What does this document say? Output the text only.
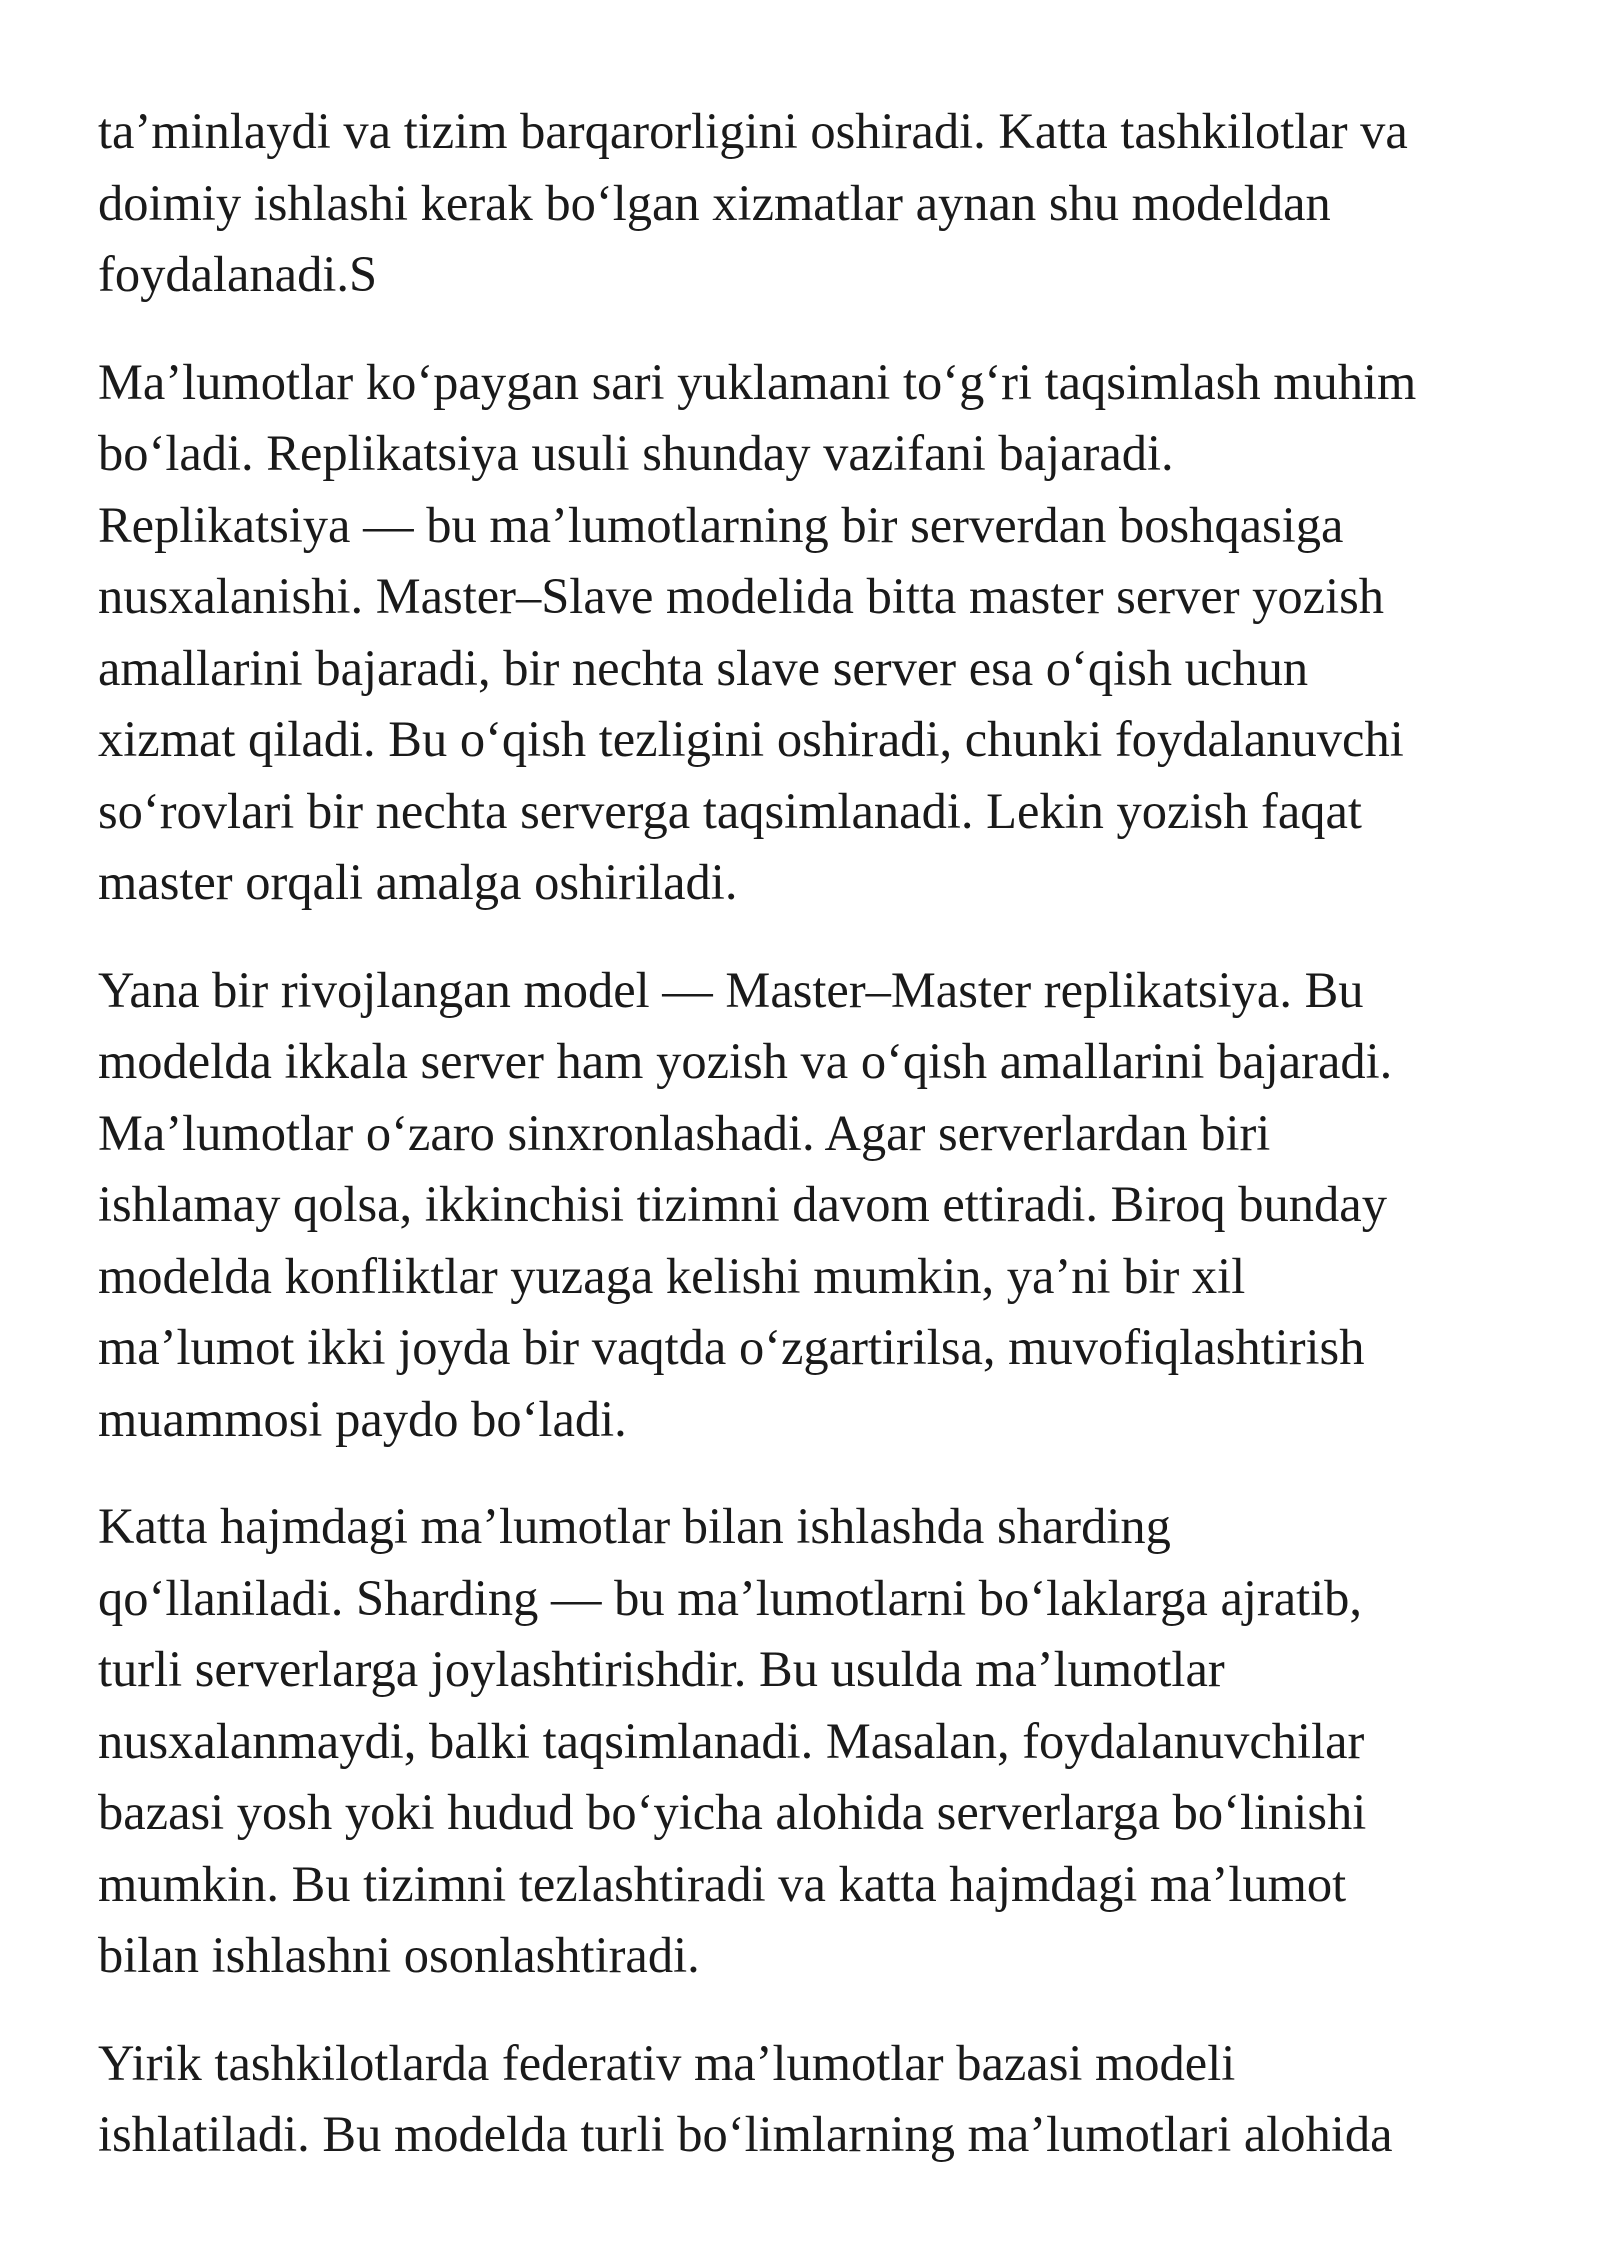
ta’minlaydi va tizim barqarorligini oshiradi. Katta tashkilotlar va
doimiy ishlashi kerak bo‘lgan xizmatlar aynan shu modeldan
foydalanadi.S

Ma’lumotlar ko‘paygan sari yuklamani to‘g‘ri taqsimlash muhim
bo‘ladi. Replikatsiya usuli shunday vazifani bajaradi.
Replikatsiya — bu ma’lumotlarning bir serverdan boshqasiga
nusxalanishi. Master–Slave modelida bitta master server yozish
amallarini bajaradi, bir nechta slave server esa o‘qish uchun
xizmat qiladi. Bu o‘qish tezligini oshiradi, chunki foydalanuvchi
so‘rovlari bir nechta serverga taqsimlanadi. Lekin yozish faqat
master orqali amalga oshiriladi.

Yana bir rivojlangan model — Master–Master replikatsiya. Bu
modelda ikkala server ham yozish va o‘qish amallarini bajaradi.
Ma’lumotlar o‘zaro sinxronlashadi. Agar serverlardan biri
ishlamay qolsa, ikkinchisi tizimni davom ettiradi. Biroq bunday
modelda konfliktlar yuzaga kelishi mumkin, ya’ni bir xil
ma’lumot ikki joyda bir vaqtda o‘zgartirilsa, muvofiqlashtirish
muammosi paydo bo‘ladi.

Katta hajmdagi ma’lumotlar bilan ishlashda sharding
qo‘llaniladi. Sharding — bu ma’lumotlarni bo‘laklarga ajratib,
turli serverlarga joylashtirishdir. Bu usulda ma’lumotlar
nusxalanmaydi, balki taqsimlanadi. Masalan, foydalanuvchilar
bazasi yosh yoki hudud bo‘yicha alohida serverlarga bo‘linishi
mumkin. Bu tizimni tezlashtiradi va katta hajmdagi ma’lumot
bilan ishlashni osonlashtiradi.

Yirik tashkilotlarda federativ ma’lumotlar bazasi modeli
ishlatiladi. Bu modelda turli bo‘limlarning ma’lumotlari alohida
